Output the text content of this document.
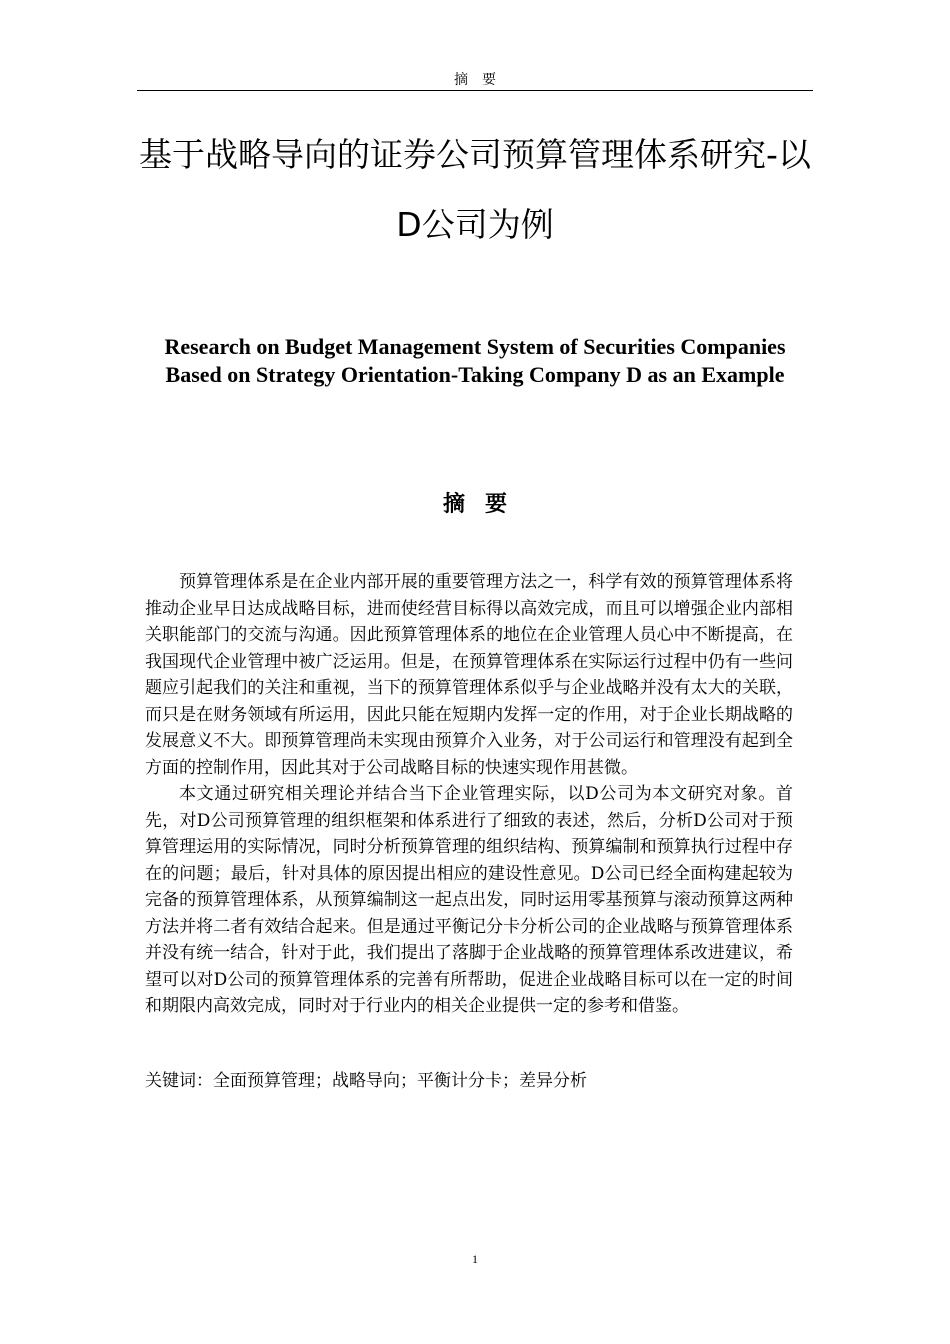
摘要
基于战略导向的证券公司预算管理体系研究-以D公司为例
Research on Budget Management System of Securities Companies Based on Strategy Orientation-Taking Company D as an Example
摘要

预算管理体系是在企业内部开展的重要管理方法之一，科学有效的预算管理体系将推动企业早日达成战略目标，进而使经营目标得以高效完成，而且可以增强企业内部相关职能部门的交流与沟通。因此预算管理体系的地位在企业管理人员心中不断提高，在我国现代企业管理中被广泛运用。但是，在预算管理体系在实际运行过程中仍有一些问题应引起我们的关注和重视，当下的预算管理体系似乎与企业战略并没有太大的关联，而只是在财务领域有所运用，因此只能在短期内发挥一定的作用，对于企业长期战略的发展意义不大。即预算管理尚未实现由预算介入业务，对于公司运行和管理没有起到全方面的控制作用，因此其对于公司战略目标的快速实现作用甚微。

本文通过研究相关理论并结合当下企业管理实际，以D公司为本文研究对象。首先，对D公司预算管理的组织框架和体系进行了细致的表述，然后，分析D公司对于预算管理运用的实际情况，同时分析预算管理的组织结构、预算编制和预算执行过程中存在的问题；最后，针对具体的原因提出相应的建设性意见。D公司已经全面构建起较为完备的预算管理体系，从预算编制这一起点出发，同时运用零基预算与滚动预算这两种方法并将二者有效结合起来。但是通过平衡记分卡分析公司的企业战略与预算管理体系并没有统一结合，针对于此，我们提出了落脚于企业战略的预算管理体系改进建议，希望可以对D公司的预算管理体系的完善有所帮助，促进企业战略目标可以在一定的时间和期限内高效完成，同时对于行业内的相关企业提供一定的参考和借鉴。

关键词：全面预算管理；战略导向；平衡计分卡；差异分析
1
